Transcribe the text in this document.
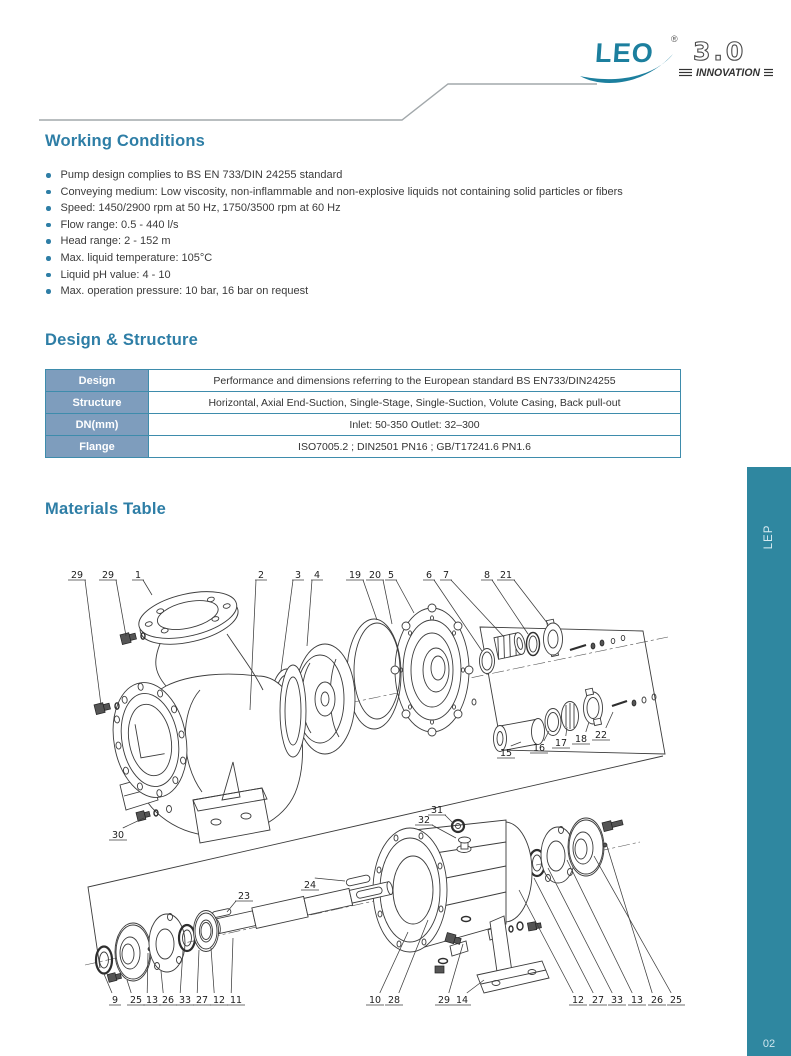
29 29 1	2	3 4	19 20 5	6 7	8 21
15 16 17 18 22
30
31
32
23
24
9 25 13 26 33 27 12 11	10 28	29 14	12 27 33 13 26 25
LEO ® 3.0
INNOVATION
Working Conditions
Pump design complies to BS EN 733/DIN 24255 standard
Conveying medium: Low viscosity, non-inflammable and non-explosive liquids not containing solid particles or fibers
Speed: 1450/2900 rpm at 50 Hz, 1750/3500 rpm at 60 Hz
Flow range: 0.5 - 440 l/s
Head range: 2 - 152 m
Max. liquid temperature: 105°C
Liquid pH value: 4 - 10
Max. operation pressure: 10 bar, 16 bar on request
Design & Structure
Design	Performance and dimensions referring to the European standard BS EN733/DIN24255
Structure	Horizontal, Axial End-Suction, Single-Stage, Single-Suction, Volute Casing, Back pull-out
DN(mm)	Inlet: 50-350 Outlet: 32–300
Flange	ISO7005.2 ; DIN2501 PN16 ; GB/T17241.6 PN1.6
Materials Table
LEP
02
